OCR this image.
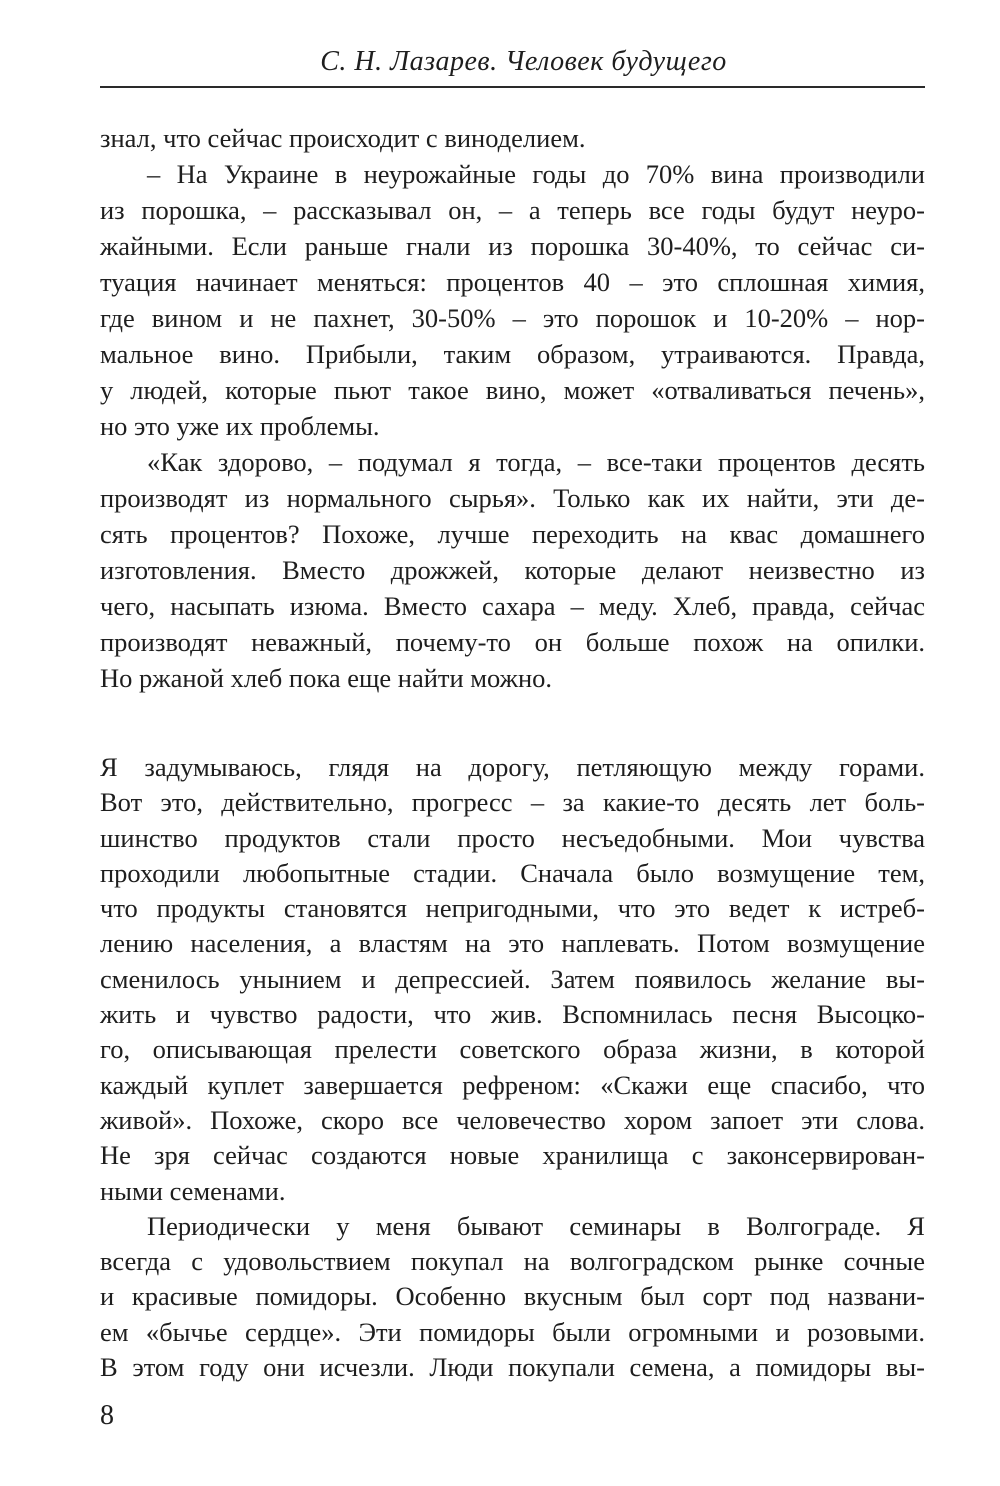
С. Н. Лазарев. Человек будущего
знал, что сейчас происходит с виноделием.
– На Украине в неурожайные годы до 70% вина производили
из порошка, – рассказывал он, – а теперь все годы будут неуро-
жайными. Если раньше гнали из порошка 30-40%, то сейчас си-
туация начинает меняться: процентов 40 – это сплошная химия,
где вином и не пахнет, 30-50% – это порошок и 10-20% – нор-
мальное вино. Прибыли, таким образом, утраиваются. Правда,
у людей, которые пьют такое вино, может «отваливаться печень»,
но это уже их проблемы.
«Как здорово, – подумал я тогда, – все-таки процентов десять
производят из нормального сырья». Только как их найти, эти де-
сять процентов? Похоже, лучше переходить на квас домашнего
изготовления. Вместо дрожжей, которые делают неизвестно из
чего, насыпать изюма. Вместо сахара – меду. Хлеб, правда, сейчас
производят неважный, почему-то он больше похож на опилки.
Но ржаной хлеб пока еще найти можно.
Я задумываюсь, глядя на дорогу, петляющую между горами.
Вот это, действительно, прогресс – за какие-то десять лет боль-
шинство продуктов стали просто несъедобными. Мои чувства
проходили любопытные стадии. Сначала было возмущение тем,
что продукты становятся непригодными, что это ведет к истреб-
лению населения, а властям на это наплевать. Потом возмущение
сменилось унынием и депрессией. Затем появилось желание вы-
жить и чувство радости, что жив. Вспомнилась песня Высоцко-
го, описывающая прелести советского образа жизни, в которой
каждый куплет завершается рефреном: «Скажи еще спасибо, что
живой». Похоже, скоро все человечество хором запоет эти слова.
Не зря сейчас создаются новые хранилища с законсервирован-
ными семенами.
Периодически у меня бывают семинары в Волгограде. Я
всегда с удовольствием покупал на волгоградском рынке сочные
и красивые помидоры. Особенно вкусным был сорт под названи-
ем «бычье сердце». Эти помидоры были огромными и розовыми.
В этом году они исчезли. Люди покупали семена, а помидоры вы-
8
